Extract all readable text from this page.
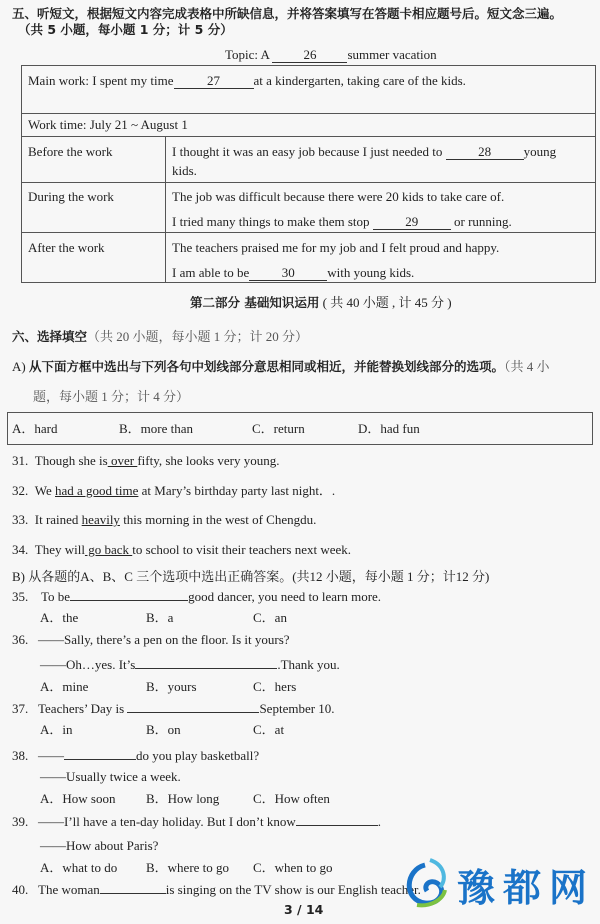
五、听短文，根据短文内容完成表格中所缺信息，并将答案填写在答题卡相应题号后。短文念三遍。
（共 5 小题，每小题 1 分；计 5 分）
Topic: A	26 summer vacation
Main work: I spent my time	27	at a kindergarten, taking care of the kids.
Work time: July 21 ~ August 1
Before the work	I thought it was an easy job because I just needed to	28	young
kids.
During the work	The job was difficult because there were 20 kids to take care of.
I tried many things to make them stop	29	or running.
After the work	The teachers praised me for my job and I felt proud and happy.
I am able to be	30	with young kids.
第二部分 基础知识运用 ( 共 40 小题 , 计 45 分 )
六、选择填空（共 20 小题，每小题 1 分；计 20 分）
A) 从下面方框中选出与下列各句中划线部分意思相同或相近，并能替换划线部分的选项。（共 4 小
题，每小题 1 分；计 4 分）
A．hard	B．more than	C．return	D．had fun
31. Though she is over fifty, she looks very young.
32. We had a good time at Mary’s birthday party last night．.
33. It rained heavily this morning in the west of Chengdu.
34. They will go back to school to visit their teachers next week.
B) 从各题的A、B、C 三个选项中选出正确答案。(共12 小题，每小题 1 分；计12 分)
35. To be	good dancer, you need to learn more.
A．the	B．a	C．an
36. ——Sally, there’s a pen on the floor. Is it yours?
——Oh…yes. It’s	.Thank you.
A．mine	B．yours	C．hers
37. Teachers’ Day is	September 10.
A．in	B．on	C．at
38. ——	do you play basketball?
——Usually twice a week.
A．How soon B．How long	C．How often
39. ——I’ll have a ten-day holiday. But I don’t know	.
——How about Paris?
A．what to do B．where to go C．when to go
40. The woman	is singing on the TV show is our English teacher.
3 / 14	豫都网
